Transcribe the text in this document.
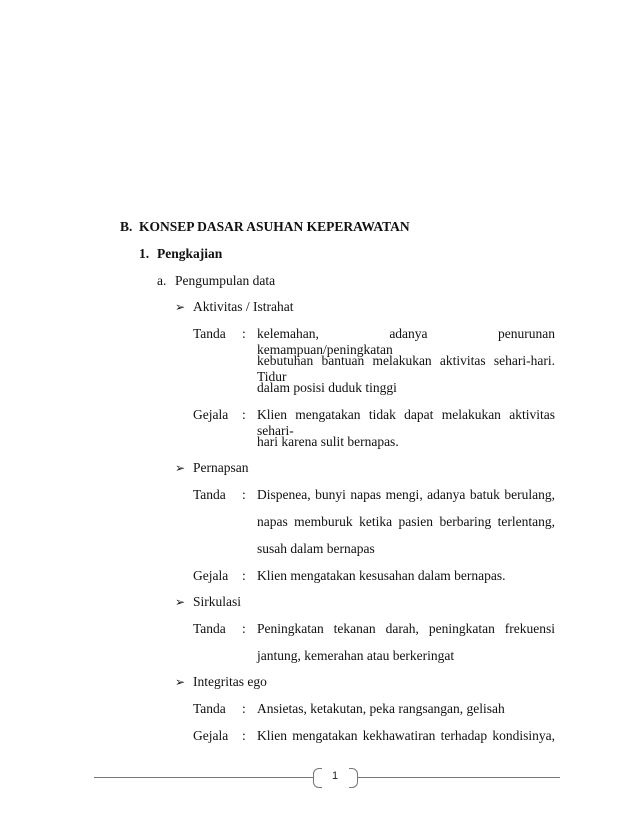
B. KONSEP DASAR ASUHAN KEPERAWATAN
1. Pengkajian
a. Pengumpulan data
➢ Aktivitas / Istrahat
Tanda : kelemahan, adanya penurunan kemampuan/peningkatan
kebutuhan bantuan melakukan aktivitas sehari-hari. Tidur
dalam posisi duduk tinggi
Gejala : Klien mengatakan tidak dapat melakukan aktivitas sehari-
hari karena sulit bernapas.
➢ Pernapsan
Tanda : Dispenea, bunyi napas mengi, adanya batuk berulang,
napas memburuk ketika pasien berbaring terlentang,
susah dalam bernapas
Gejala : Klien mengatakan kesusahan dalam bernapas.
➢ Sirkulasi
Tanda : Peningkatan tekanan darah, peningkatan frekuensi
jantung, kemerahan atau berkeringat
➢ Integritas ego
Tanda : Ansietas, ketakutan, peka rangsangan, gelisah
Gejala : Klien mengatakan kekhawatiran terhadap kondisinya,
1
